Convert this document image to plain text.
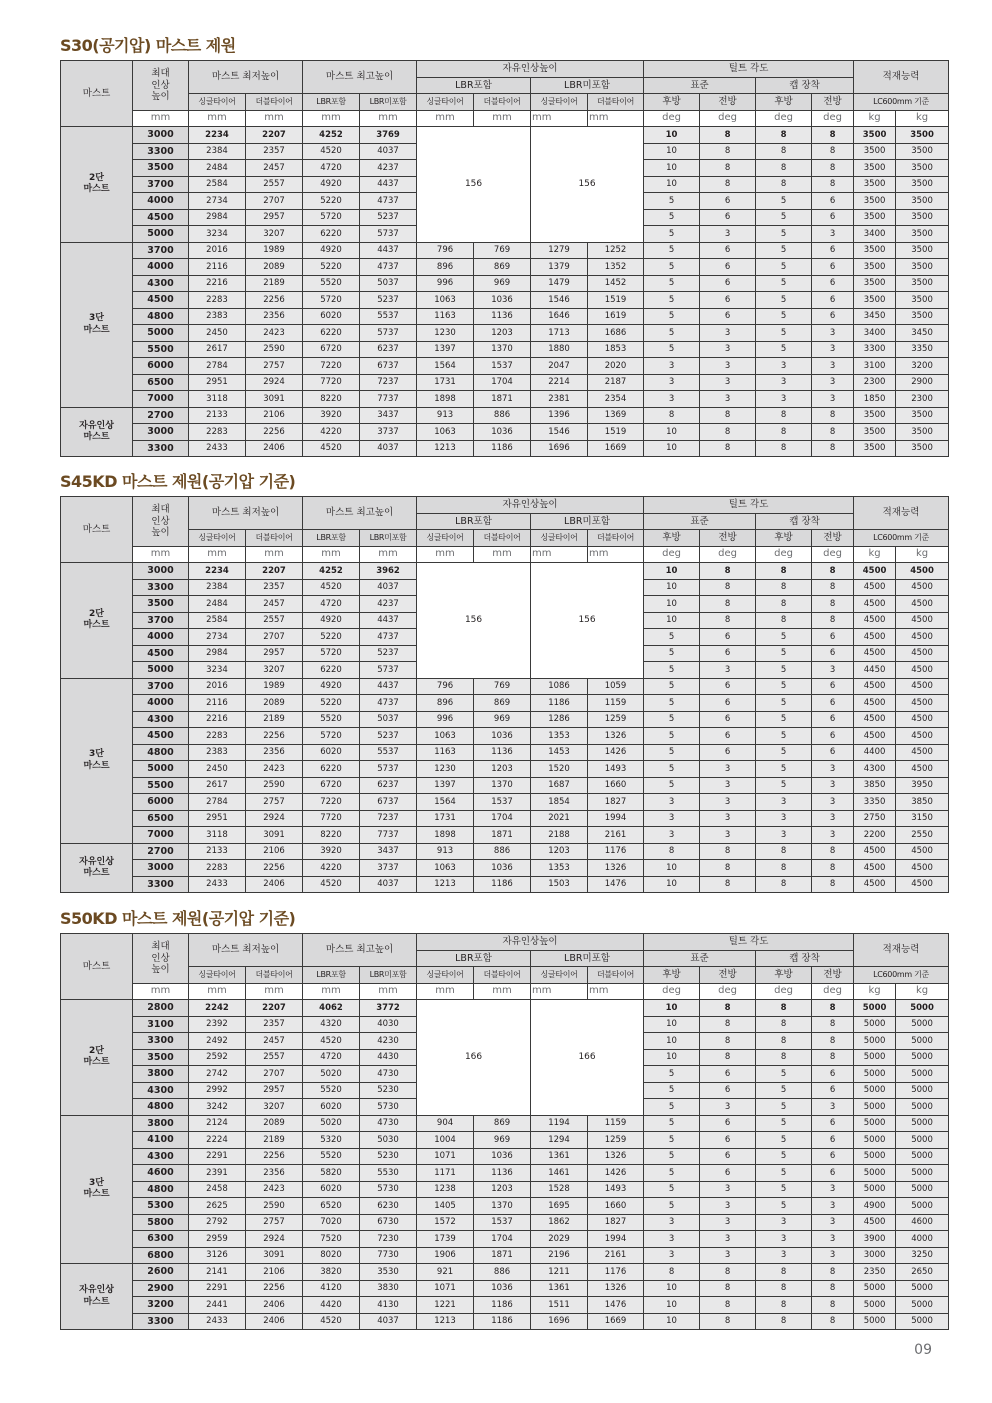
S30(공기압) 마스트 제원
마스트	최대
인상
높이	마스트 최저높이		마스트 최고높이		자유인상높이				틸트 각도				적재능력	
						LBR포함		LBR미포함		표준		캡 장착			
		싱글타이어	더블타이어	LBR포함	LBR미포함	싱글타이어	더블타이어	싱글타이어	더블타이어	후방	전방	후방	전방	LC600mm 기준	
	mm	mm	mm	mm	mm	mm	mm	mm	mm	deg	deg	deg	deg	kg	kg
2단
마스트	3000	2234	2207	4252	3769	156		156		10	8	8	8	3500	3500
	3300	2384	2357	4520	4037					10	8	8	8	3500	3500
	3500	2484	2457	4720	4237					10	8	8	8	3500	3500
	3700	2584	2557	4920	4437					10	8	8	8	3500	3500
	4000	2734	2707	5220	4737					5	6	5	6	3500	3500
	4500	2984	2957	5720	5237					5	6	5	6	3500	3500
	5000	3234	3207	6220	5737					5	3	5	3	3400	3500
3단
마스트	3700	2016	1989	4920	4437	796	769	1279	1252	5	6	5	6	3500	3500
	4000	2116	2089	5220	4737	896	869	1379	1352	5	6	5	6	3500	3500
	4300	2216	2189	5520	5037	996	969	1479	1452	5	6	5	6	3500	3500
	4500	2283	2256	5720	5237	1063	1036	1546	1519	5	6	5	6	3500	3500
	4800	2383	2356	6020	5537	1163	1136	1646	1619	5	6	5	6	3450	3500
	5000	2450	2423	6220	5737	1230	1203	1713	1686	5	3	5	3	3400	3450
	5500	2617	2590	6720	6237	1397	1370	1880	1853	5	3	5	3	3300	3350
	6000	2784	2757	7220	6737	1564	1537	2047	2020	3	3	3	3	3100	3200
	6500	2951	2924	7720	7237	1731	1704	2214	2187	3	3	3	3	2300	2900
	7000	3118	3091	8220	7737	1898	1871	2381	2354	3	3	3	3	1850	2300
자유인상
마스트	2700	2133	2106	3920	3437	913	886	1396	1369	8	8	8	8	3500	3500
	3000	2283	2256	4220	3737	1063	1036	1546	1519	10	8	8	8	3500	3500
	3300	2433	2406	4520	4037	1213	1186	1696	1669	10	8	8	8	3500	3500
S45KD 마스트 제원(공기압 기준)
마스트	최대
인상
높이	마스트 최저높이		마스트 최고높이		자유인상높이				틸트 각도				적재능력	
						LBR포함		LBR미포함		표준		캡 장착			
		싱글타이어	더블타이어	LBR포함	LBR미포함	싱글타이어	더블타이어	싱글타이어	더블타이어	후방	전방	후방	전방	LC600mm 기준	
	mm	mm	mm	mm	mm	mm	mm	mm	mm	deg	deg	deg	deg	kg	kg
2단
마스트	3000	2234	2207	4252	3962	156		156		10	8	8	8	4500	4500
	3300	2384	2357	4520	4037					10	8	8	8	4500	4500
	3500	2484	2457	4720	4237					10	8	8	8	4500	4500
	3700	2584	2557	4920	4437					10	8	8	8	4500	4500
	4000	2734	2707	5220	4737					5	6	5	6	4500	4500
	4500	2984	2957	5720	5237					5	6	5	6	4500	4500
	5000	3234	3207	6220	5737					5	3	5	3	4450	4500
3단
마스트	3700	2016	1989	4920	4437	796	769	1086	1059	5	6	5	6	4500	4500
	4000	2116	2089	5220	4737	896	869	1186	1159	5	6	5	6	4500	4500
	4300	2216	2189	5520	5037	996	969	1286	1259	5	6	5	6	4500	4500
	4500	2283	2256	5720	5237	1063	1036	1353	1326	5	6	5	6	4500	4500
	4800	2383	2356	6020	5537	1163	1136	1453	1426	5	6	5	6	4400	4500
	5000	2450	2423	6220	5737	1230	1203	1520	1493	5	3	5	3	4300	4500
	5500	2617	2590	6720	6237	1397	1370	1687	1660	5	3	5	3	3850	3950
	6000	2784	2757	7220	6737	1564	1537	1854	1827	3	3	3	3	3350	3850
	6500	2951	2924	7720	7237	1731	1704	2021	1994	3	3	3	3	2750	3150
	7000	3118	3091	8220	7737	1898	1871	2188	2161	3	3	3	3	2200	2550
자유인상
마스트	2700	2133	2106	3920	3437	913	886	1203	1176	8	8	8	8	4500	4500
	3000	2283	2256	4220	3737	1063	1036	1353	1326	10	8	8	8	4500	4500
	3300	2433	2406	4520	4037	1213	1186	1503	1476	10	8	8	8	4500	4500
S50KD 마스트 제원(공기압 기준)
마스트	최대
인상
높이	마스트 최저높이		마스트 최고높이		자유인상높이				틸트 각도				적재능력	
						LBR포함		LBR미포함		표준		캡 장착			
		싱글타이어	더블타이어	LBR포함	LBR미포함	싱글타이어	더블타이어	싱글타이어	더블타이어	후방	전방	후방	전방	LC600mm 기준	
	mm	mm	mm	mm	mm	mm	mm	mm	mm	deg	deg	deg	deg	kg	kg
2단
마스트	2800	2242	2207	4062	3772	166		166		10	8	8	8	5000	5000
	3100	2392	2357	4320	4030					10	8	8	8	5000	5000
	3300	2492	2457	4520	4230					10	8	8	8	5000	5000
	3500	2592	2557	4720	4430					10	8	8	8	5000	5000
	3800	2742	2707	5020	4730					5	6	5	6	5000	5000
	4300	2992	2957	5520	5230					5	6	5	6	5000	5000
	4800	3242	3207	6020	5730					5	3	5	3	5000	5000
3단
마스트	3800	2124	2089	5020	4730	904	869	1194	1159	5	6	5	6	5000	5000
	4100	2224	2189	5320	5030	1004	969	1294	1259	5	6	5	6	5000	5000
	4300	2291	2256	5520	5230	1071	1036	1361	1326	5	6	5	6	5000	5000
	4600	2391	2356	5820	5530	1171	1136	1461	1426	5	6	5	6	5000	5000
	4800	2458	2423	6020	5730	1238	1203	1528	1493	5	3	5	3	5000	5000
	5300	2625	2590	6520	6230	1405	1370	1695	1660	5	3	5	3	4900	5000
	5800	2792	2757	7020	6730	1572	1537	1862	1827	3	3	3	3	4500	4600
	6300	2959	2924	7520	7230	1739	1704	2029	1994	3	3	3	3	3900	4000
	6800	3126	3091	8020	7730	1906	1871	2196	2161	3	3	3	3	3000	3250
자유인상
마스트	2600	2141	2106	3820	3530	921	886	1211	1176	8	8	8	8	2350	2650
	2900	2291	2256	4120	3830	1071	1036	1361	1326	10	8	8	8	5000	5000
	3200	2441	2406	4420	4130	1221	1186	1511	1476	10	8	8	8	5000	5000
	3300	2433	2406	4520	4037	1213	1186	1696	1669	10	8	8	8	5000	5000
09
